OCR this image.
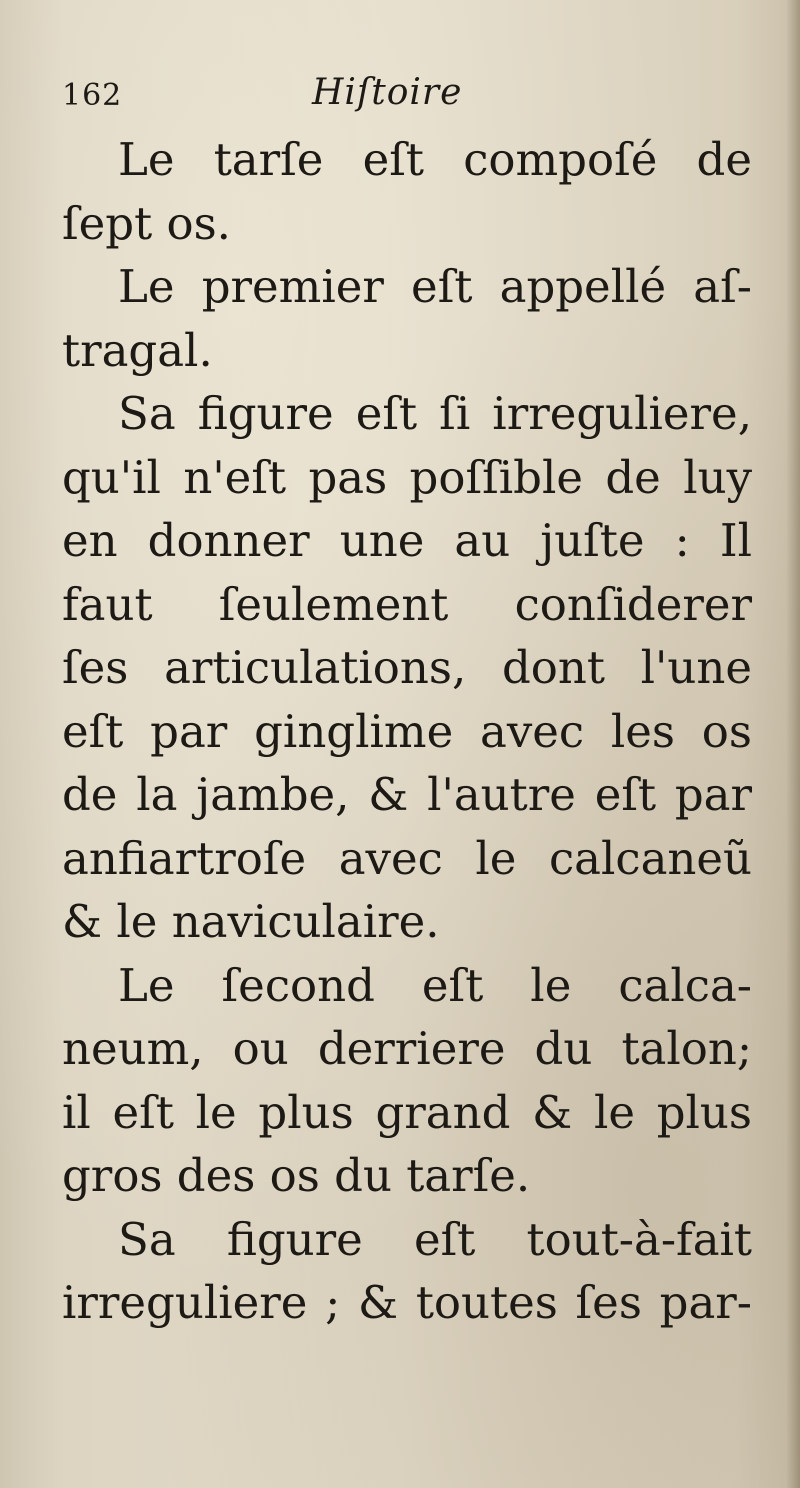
162	Hiſtoire
Le tarſe eſt compoſé de
ſept os.
Le premier eſt appellé aſ-
tragal.
Sa figure eſt ſi irreguliere,
qu'il n'eſt pas poſſible de luy
en donner une au juſte : Il
faut ſeulement conſiderer
ſes articulations, dont l'une
eſt par ginglime avec les os
de la jambe, & l'autre eſt par
anfiartroſe avec le calcaneũ
& le naviculaire.
Le ſecond eſt le calca-
neum, ou derriere du talon;
il eſt le plus grand & le plus
gros des os du tarſe.
Sa figure eſt tout-à-fait
irreguliere ; & toutes ſes par-
